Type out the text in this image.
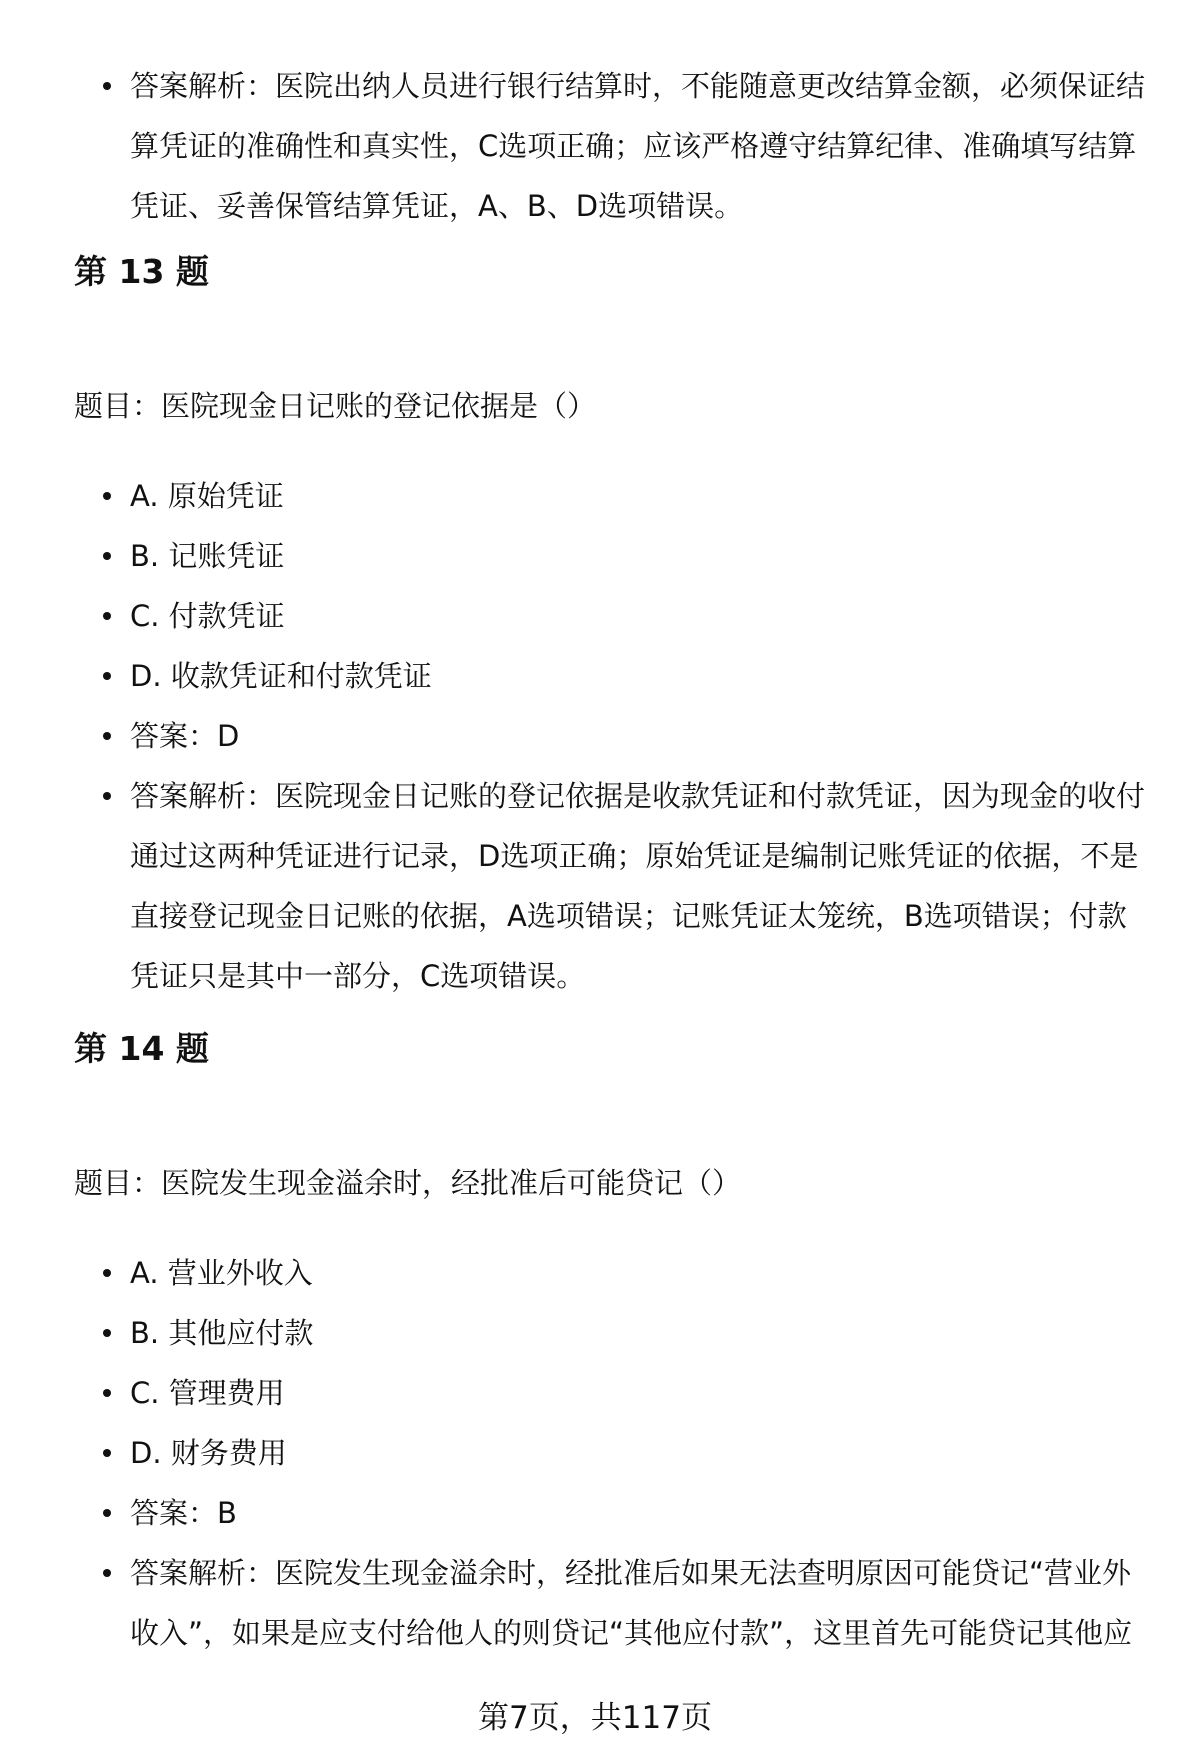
答案解析：医院出纳人员进行银行结算时，不能随意更改结算金额，必须保证结算凭证的准确性和真实性，C选项正确；应该严格遵守结算纪律、准确填写结算凭证、妥善保管结算凭证，A、B、D选项错误。
第 13 题

题目：医院现金日记账的登记依据是（）

A. 原始凭证
B. 记账凭证
C. 付款凭证
D. 收款凭证和付款凭证
答案：D
答案解析：医院现金日记账的登记依据是收款凭证和付款凭证，因为现金的收付通过这两种凭证进行记录，D选项正确；原始凭证是编制记账凭证的依据，不是直接登记现金日记账的依据，A选项错误；记账凭证太笼统，B选项错误；付款凭证只是其中一部分，C选项错误。
第 14 题

题目：医院发生现金溢余时，经批准后可能贷记（）

A. 营业外收入
B. 其他应付款
C. 管理费用
D. 财务费用
答案：B
答案解析：医院发生现金溢余时，经批准后如果无法查明原因可能贷记“营业外收入”，如果是应支付给他人的则贷记“其他应付款”，这里首先可能贷记其他应
第7页，共117页
